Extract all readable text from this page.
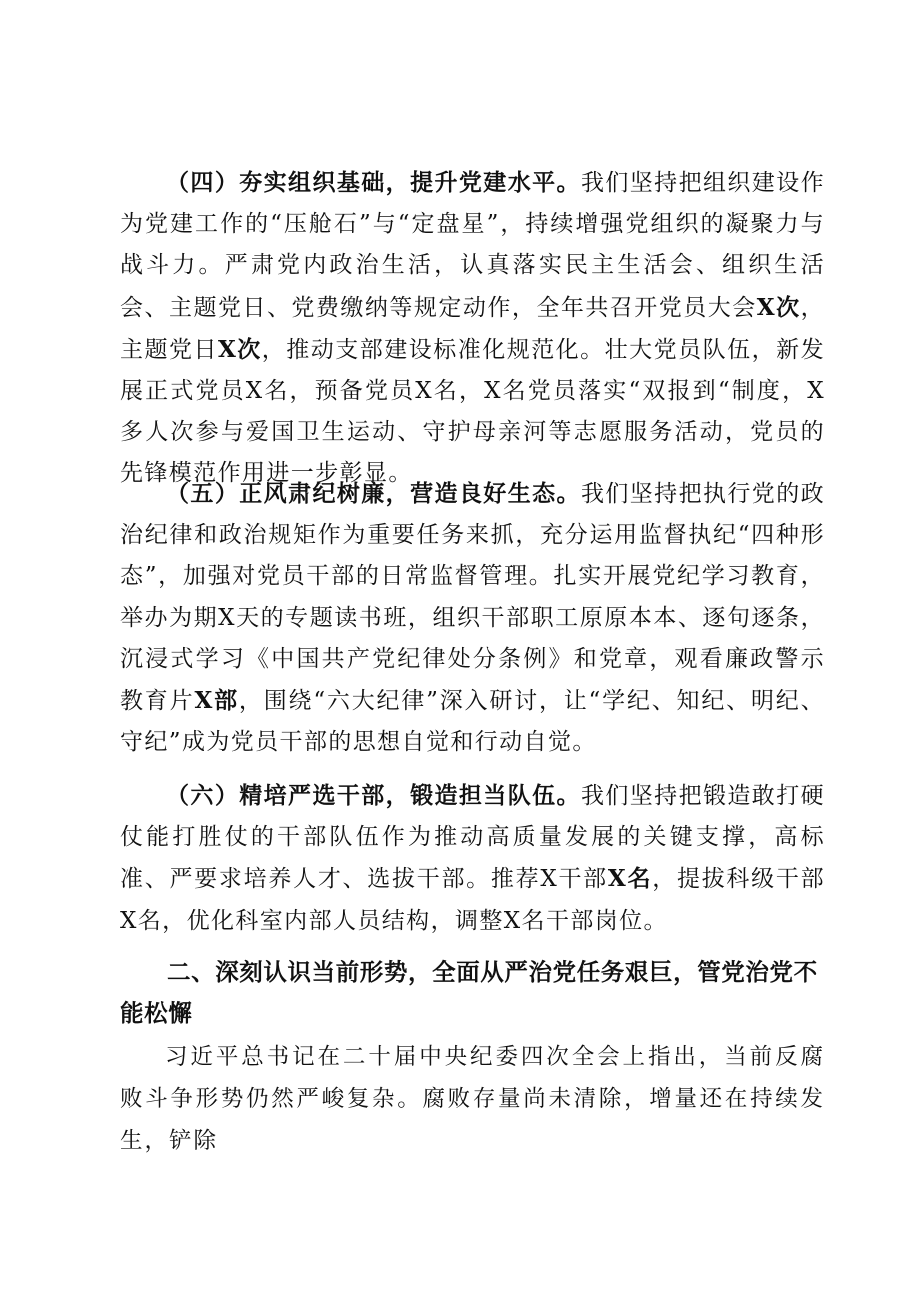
（四）夯实组织基础，提升党建水平。我们坚持把组织建设作为党建工作的“压舱石”与“定盘星”，持续增强党组织的凝聚力与战斗力。严肃党内政治生活，认真落实民主生活会、组织生活会、主题党日、党费缴纳等规定动作，全年共召开党员大会X次，主题党日X次，推动支部建设标准化规范化。壮大党员队伍，新发展正式党员X名，预备党员X名，X名党员落实“双报到“制度，X多人次参与爱国卫生运动、守护母亲河等志愿服务活动，党员的先锋模范作用进一步彰显。

（五）正风肃纪树廉，营造良好生态。我们坚持把执行党的政治纪律和政治规矩作为重要任务来抓，充分运用监督执纪“四种形态”，加强对党员干部的日常监督管理。扎实开展党纪学习教育，举办为期X天的专题读书班，组织干部职工原原本本、逐句逐条，沉浸式学习《中国共产党纪律处分条例》和党章，观看廉政警示教育片X部，围绕“六大纪律”深入研讨，让“学纪、知纪、明纪、守纪”成为党员干部的思想自觉和行动自觉。

（六）精培严选干部，锻造担当队伍。我们坚持把锻造敢打硬仗能打胜仗的干部队伍作为推动高质量发展的关键支撑，高标准、严要求培养人才、选拔干部。推荐X干部X名，提拔科级干部X名，优化科室内部人员结构，调整X名干部岗位。

二、深刻认识当前形势，全面从严治党任务艰巨，管党治党不能松懈

习近平总书记在二十届中央纪委四次全会上指出，当前反腐败斗争形势仍然严峻复杂。腐败存量尚未清除，增量还在持续发生，铲除
